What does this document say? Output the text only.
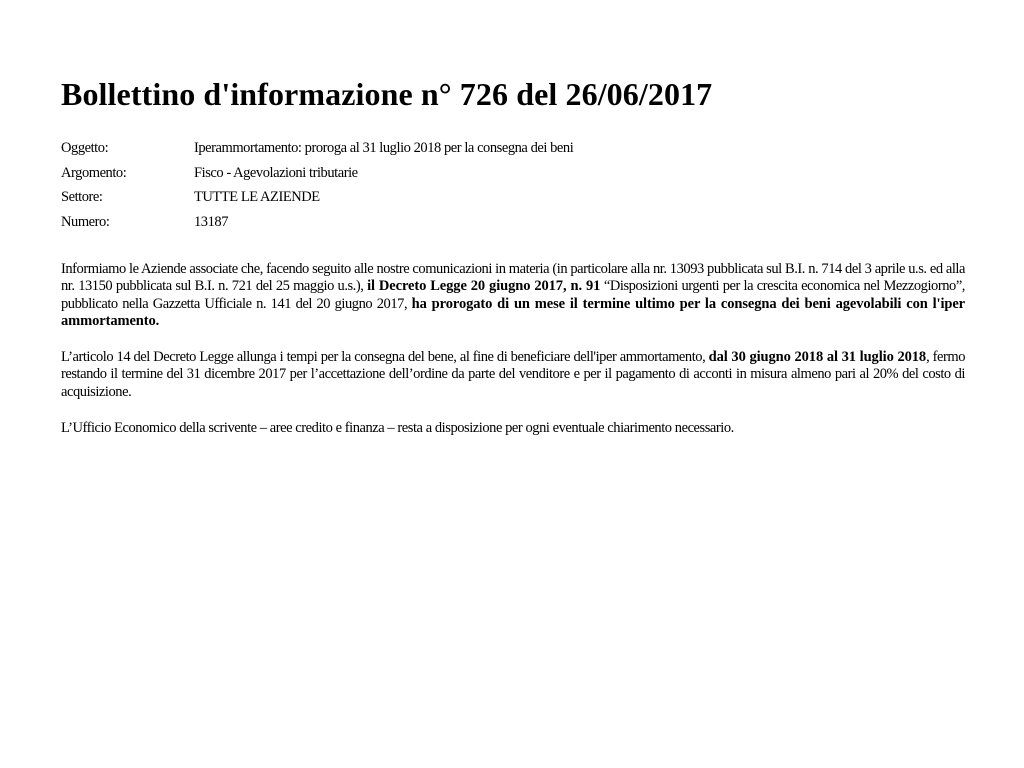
Bollettino d'informazione n° 726 del 26/06/2017
Oggetto:	Iperammortamento: proroga al 31 luglio 2018 per la consegna dei beni
Argomento:	Fisco - Agevolazioni tributarie
Settore:	TUTTE LE AZIENDE
Numero:	13187

Informiamo le Aziende associate che, facendo seguito alle nostre comunicazioni in materia (in particolare alla nr. 13093 pubblicata sul B.I. n. 714 del 3 aprile u.s. ed alla nr. 13150 pubblicata sul B.I. n. 721 del 25 maggio u.s.), il Decreto Legge 20 giugno 2017, n. 91 “Disposizioni urgenti per la crescita economica nel Mezzogiorno”, pubblicato nella Gazzetta Ufficiale n. 141 del 20 giugno 2017, ha prorogato di un mese il termine ultimo per la consegna dei beni agevolabili con l'iper ammortamento.

L’articolo 14 del Decreto Legge allunga i tempi per la consegna del bene, al fine di beneficiare dell'iper ammortamento, dal 30 giugno 2018 al 31 luglio 2018, fermo restando il termine del 31 dicembre 2017 per l’accettazione dell’ordine da parte del venditore e per il pagamento di acconti in misura almeno pari al 20% del costo di acquisizione.

L’Ufficio Economico della scrivente – aree credito e finanza – resta a disposizione per ogni eventuale chiarimento necessario.
